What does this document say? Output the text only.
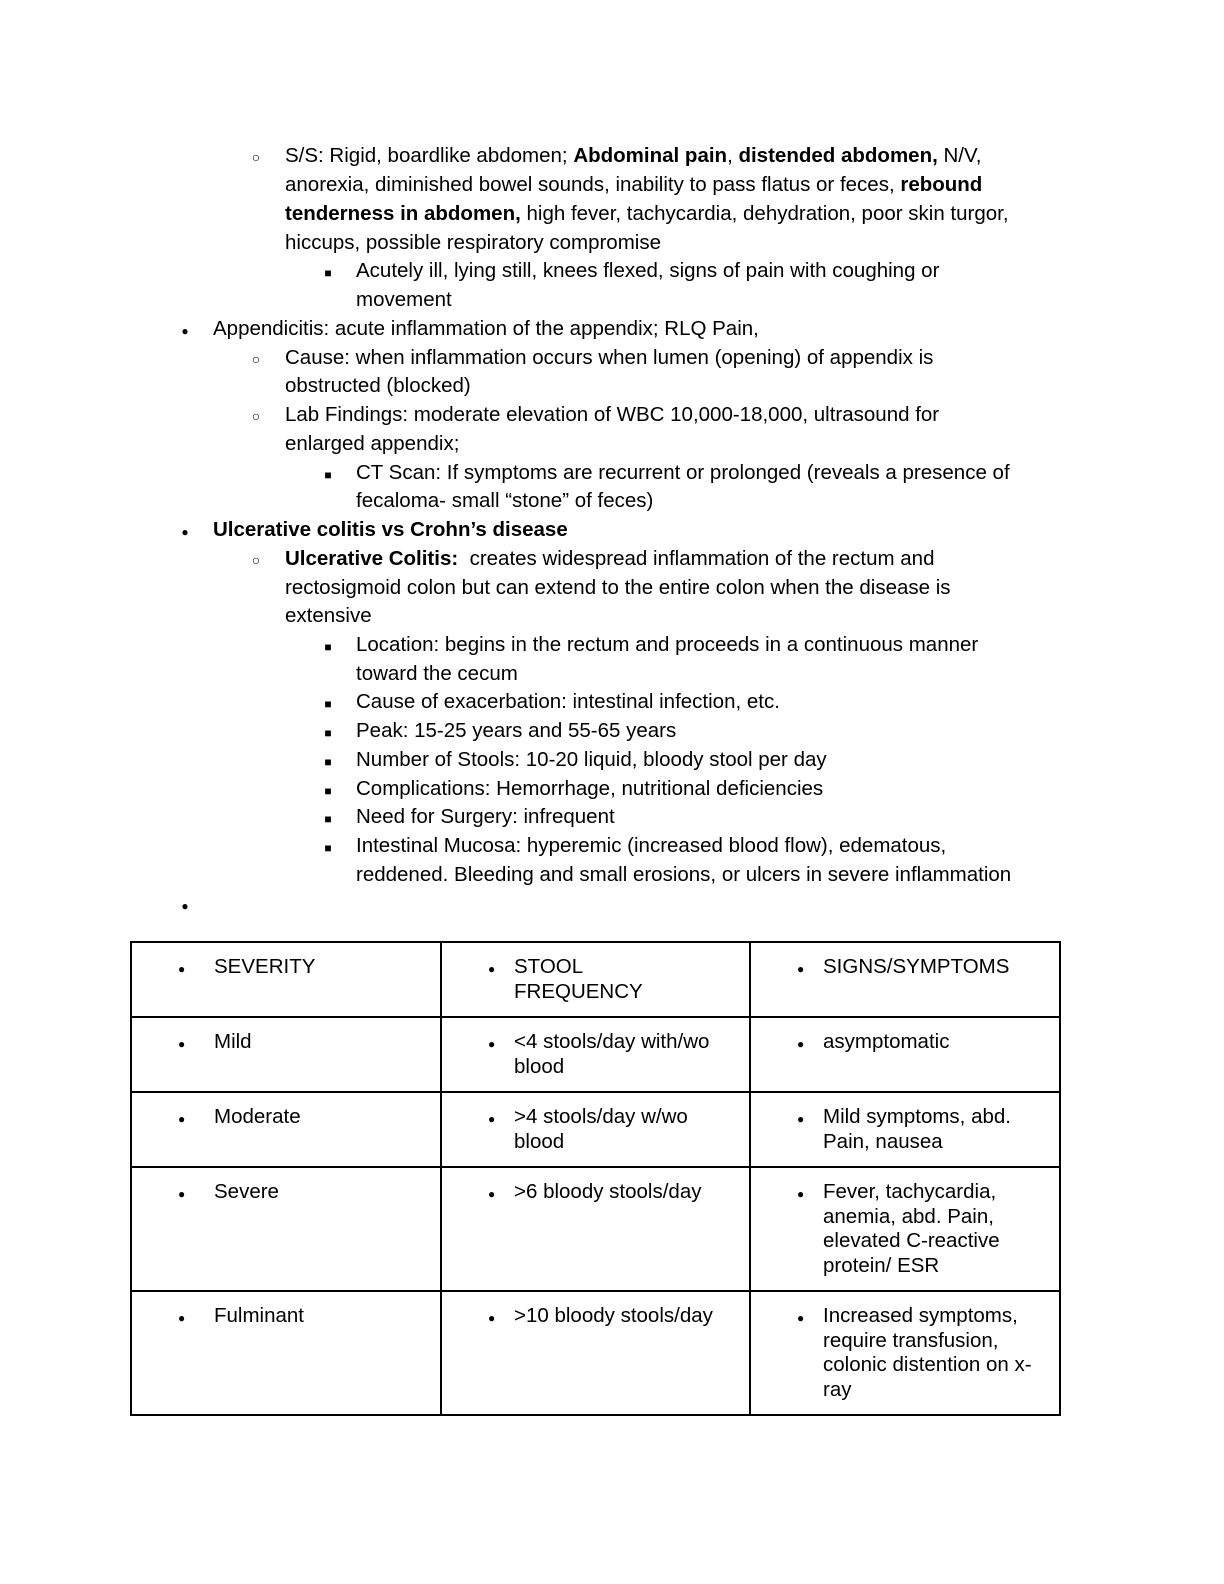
○
S/S: Rigid, boardlike abdomen; Abdominal pain, distended abdomen, N/V,
anorexia, diminished bowel sounds, inability to pass flatus or feces, rebound
tenderness in abdomen, high fever, tachycardia, dehydration, poor skin turgor,
hiccups, possible respiratory compromise
■
Acutely ill, lying still, knees flexed, signs of pain with coughing or
movement
●
Appendicitis: acute inflammation of the appendix; RLQ Pain,
○
Cause: when inflammation occurs when lumen (opening) of appendix is
obstructed (blocked)
○
Lab Findings: moderate elevation of WBC 10,000-18,000, ultrasound for
enlarged appendix;
■
CT Scan: If symptoms are recurrent or prolonged (reveals a presence of
fecaloma- small “stone” of feces)
●
Ulcerative colitis vs Crohn’s disease
○
Ulcerative Colitis:  creates widespread inflammation of the rectum and
rectosigmoid colon but can extend to the entire colon when the disease is
extensive
■
Location: begins in the rectum and proceeds in a continuous manner
toward the cecum
■
Cause of exacerbation: intestinal infection, etc.
■
Peak: 15-25 years and 55-65 years
■
Number of Stools: 10-20 liquid, bloody stool per day
■
Complications: Hemorrhage, nutritional deficiencies
■
Need for Surgery: infrequent
■
Intestinal Mucosa: hyperemic (increased blood flow), edematous,
reddened. Bleeding and small erosions, or ulcers in severe inflammation
●
●
SEVERITY	
● STOOL
FREQUENCY	
●
SIGNS/SYMPTOMS

●
Mild	
●<4 stools/day with/wo blood	
●
asymptomatic

●
Moderate	
●>4 stools/day w/wo blood	
●
Mild symptoms, abd. Pain, nausea

●
Severe	
●>6 bloody stools/day	
●Fever, tachycardia, anemia, abd. Pain, elevated C-reactive protein/ ESR

●
Fulminant	
●>10 bloody stools/day	
●Increased symptoms, require transfusion, colonic distention on x-ray
